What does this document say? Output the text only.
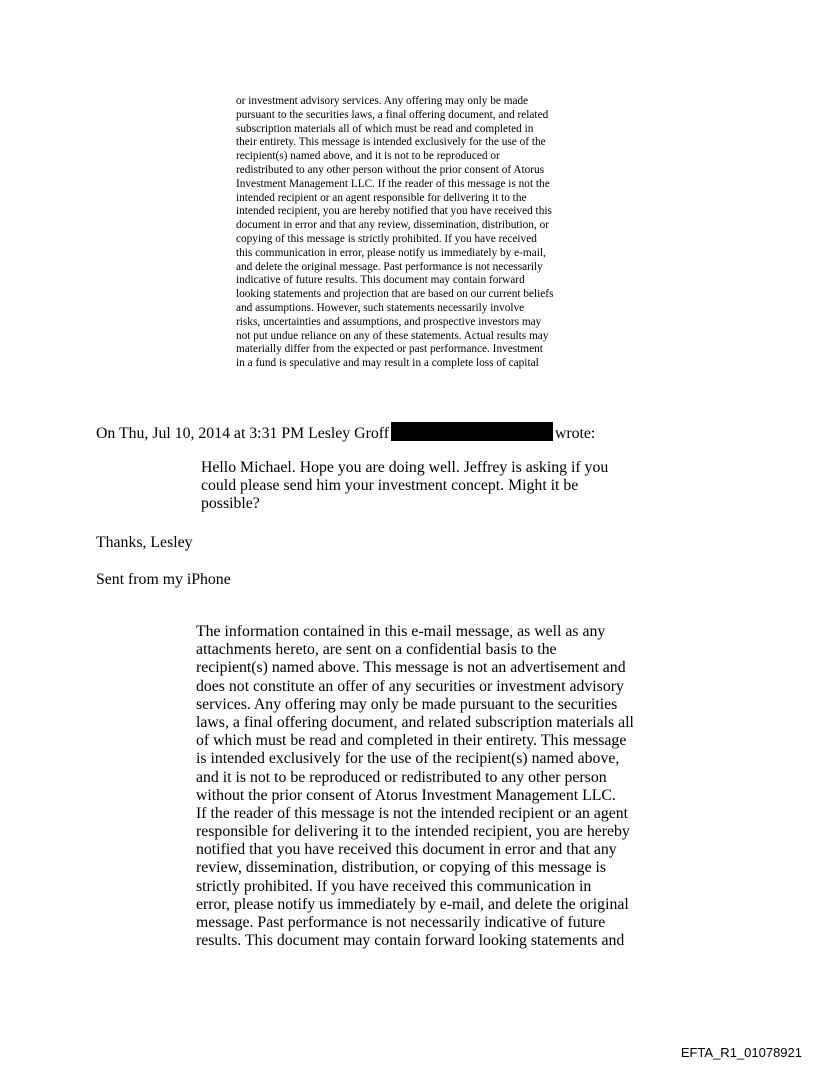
or investment advisory services. Any offering may only be made
pursuant to the securities laws, a final offering document, and related
subscription materials all of which must be read and completed in
their entirety. This message is intended exclusively for the use of the
recipient(s) named above, and it is not to be reproduced or
redistributed to any other person without the prior consent of Atorus
Investment Management LLC. If the reader of this message is not the
intended recipient or an agent responsible for delivering it to the
intended recipient, you are hereby notified that you have received this
document in error and that any review, dissemination, distribution, or
copying of this message is strictly prohibited. If you have received
this communication in error, please notify us immediately by e-mail,
and delete the original message. Past performance is not necessarily
indicative of future results. This document may contain forward
looking statements and projection that are based on our current beliefs
and assumptions. However, such statements necessarily involve
risks, uncertainties and assumptions, and prospective investors may
not put undue reliance on any of these statements. Actual results may
materially differ from the expected or past performance. Investment
in a fund is speculative and may result in a complete loss of capital
On Thu, Jul 10, 2014 at 3:31 PM Lesley Groff	wrote:
Hello Michael. Hope you are doing well. Jeffrey is asking if you
could please send him your investment concept. Might it be
possible?
Thanks, Lesley
Sent from my iPhone
The information contained in this e-mail message, as well as any
attachments hereto, are sent on a confidential basis to the
recipient(s) named above. This message is not an advertisement and
does not constitute an offer of any securities or investment advisory
services. Any offering may only be made pursuant to the securities
laws, a final offering document, and related subscription materials all
of which must be read and completed in their entirety. This message
is intended exclusively for the use of the recipient(s) named above,
and it is not to be reproduced or redistributed to any other person
without the prior consent of Atorus Investment Management LLC.
If the reader of this message is not the intended recipient or an agent
responsible for delivering it to the intended recipient, you are hereby
notified that you have received this document in error and that any
review, dissemination, distribution, or copying of this message is
strictly prohibited. If you have received this communication in
error, please notify us immediately by e-mail, and delete the original
message. Past performance is not necessarily indicative of future
results. This document may contain forward looking statements and
EFTA_R1_01078921
